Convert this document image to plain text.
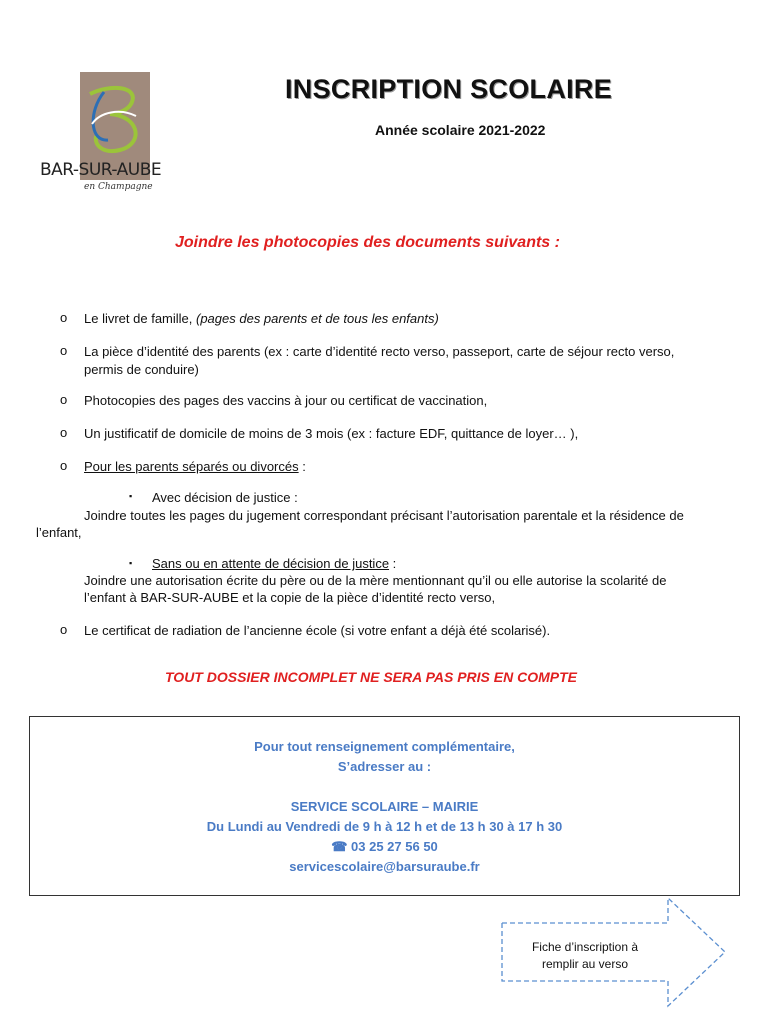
BAR-SUR-AUBE
en Champagne
INSCRIPTION SCOLAIRE
Année scolaire 2021-2022
Joindre les photocopies des documents suivants :
o Le livret de famille, (pages des parents et de tous les enfants)
o La pièce d’identité des parents (ex : carte d’identité recto verso, passeport, carte de séjour recto verso,
permis de conduire)
o Photocopies des pages des vaccins à jour ou certificat de vaccination,
o Un justificatif de domicile de moins de 3 mois (ex : facture EDF, quittance de loyer… ),
o Pour les parents séparés ou divorcés :
▪ Avec décision de justice :
Joindre toutes les pages du jugement correspondant précisant l’autorisation parentale et la résidence de
l’enfant,
▪ Sans ou en attente de décision de justice :
Joindre une autorisation écrite du père ou de la mère mentionnant qu’il ou elle autorise la scolarité de
l’enfant à BAR-SUR-AUBE et la copie de la pièce d’identité recto verso,
o Le certificat de radiation de l’ancienne école (si votre enfant a déjà été scolarisé).
TOUT DOSSIER INCOMPLET NE SERA PAS PRIS EN COMPTE
Pour tout renseignement complémentaire,
S’adresser au :
SERVICE SCOLAIRE – MAIRIE
Du Lundi au Vendredi de 9 h à 12 h et de 13 h 30 à 17 h 30
☎ 03 25 27 56 50
servicescolaire@barsuraube.fr
Fiche d’inscription à
remplir au verso
